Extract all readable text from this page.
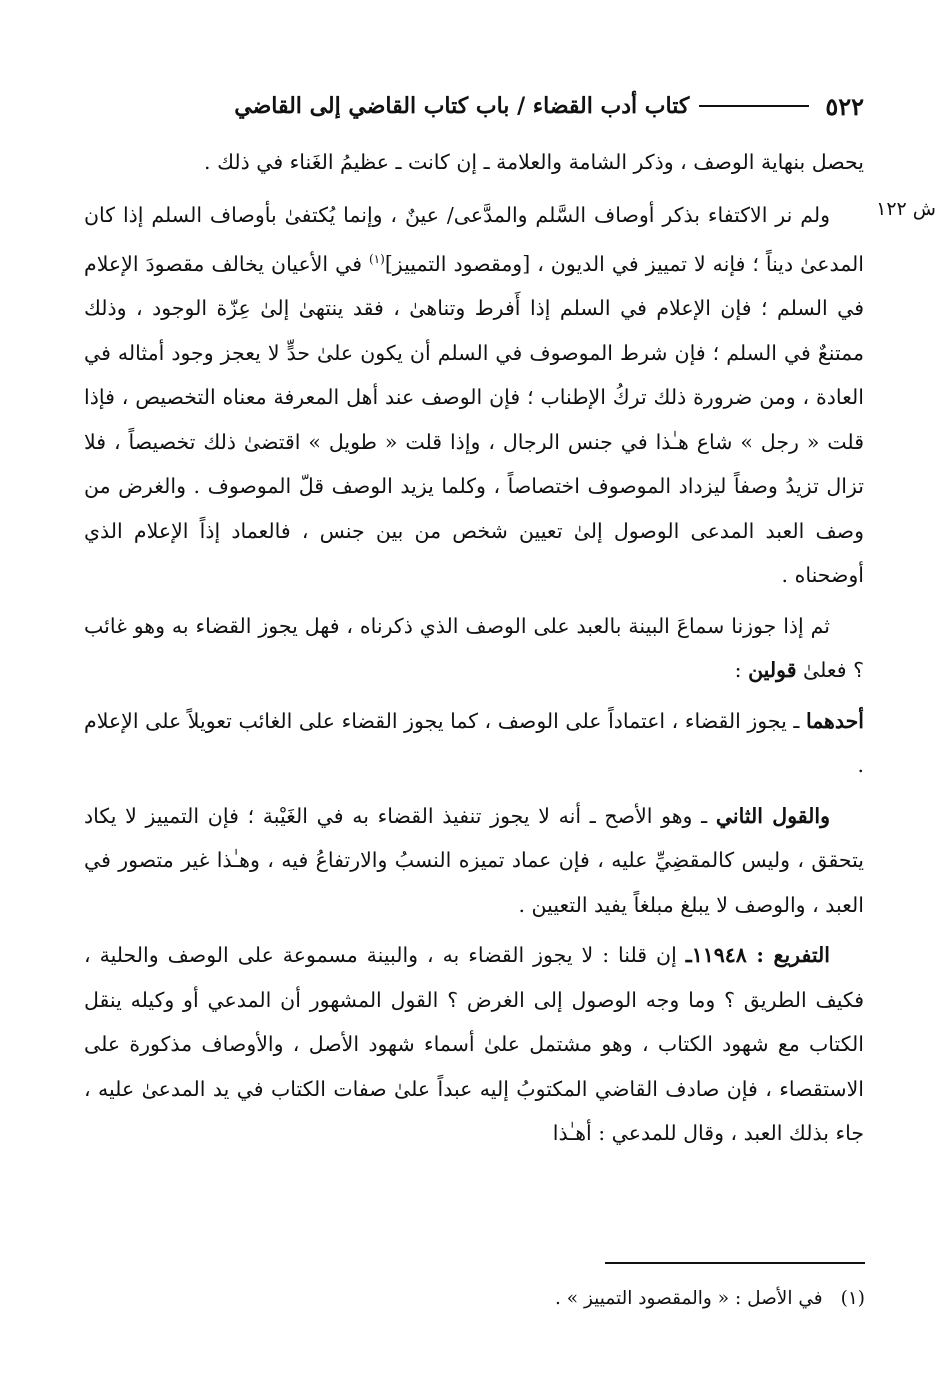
٥٢٢
كتاب أدب القضاء / باب كتاب القاضي إلى القاضي
ش ١٢٢

يحصل بنهاية الوصف ، وذكر الشامة والعلامة ـ إن كانت ـ عظيمُ الغَناء في ذلك .

ولم نر الاكتفاء بذكر أوصاف السَّلم والمدَّعى/ عينٌ ، وإنما يُكتفىٰ بأوصاف السلم إذا كان المدعىٰ ديناً ؛ فإنه لا تمييز في الديون ، [ومقصود التمييز]$^{(١)}$ في الأعيان يخالف مقصودَ الإعلام في السلم ؛ فإن الإعلام في السلم إذا أَفرط وتناهىٰ ، فقد ينتهىٰ إلىٰ عِزّة الوجود ، وذلك ممتنعٌ في السلم ؛ فإن شرط الموصوف في السلم أن يكون علىٰ حدٍّ لا يعجز وجود أمثاله في العادة ، ومن ضرورة ذلك تركُ الإطناب ؛ فإن الوصف عند أهل المعرفة معناه التخصيص ، فإذا قلت « رجل » شاع هـٰذا في جنس الرجال ، وإذا قلت « طويل » اقتضىٰ ذلك تخصيصاً ، فلا تزال تزيدُ وصفاً ليزداد الموصوف اختصاصاً ، وكلما يزيد الوصف قلّ الموصوف . والغرض من وصف العبد المدعى الوصول إلىٰ تعيين شخص من بين جنس ، فالعماد إذاً الإعلام الذي أوضحناه .

ثم إذا جوزنا سماعَ البينة بالعبد على الوصف الذي ذكرناه ، فهل يجوز القضاء به وهو غائب ؟ فعلىٰ قولين :

أحدهما ـ يجوز القضاء ، اعتماداً على الوصف ، كما يجوز القضاء على الغائب تعويلاً على الإعلام .

والقول الثاني ـ وهو الأصح ـ أنه لا يجوز تنفيذ القضاء به في الغَيْبة ؛ فإن التمييز لا يكاد يتحقق ، وليس كالمقضِيِّ عليه ، فإن عماد تميزه النسبُ والارتفاعُ فيه ، وهـٰذا غير متصور في العبد ، والوصف لا يبلغ مبلغاً يفيد التعيين .

التفريع : ١١٩٤٨ـ إن قلنا : لا يجوز القضاء به ، والبينة مسموعة على الوصف والحلية ، فكيف الطريق ؟ وما وجه الوصول إلى الغرض ؟ القول المشهور أن المدعي أو وكيله ينقل الكتاب مع شهود الكتاب ، وهو مشتمل علىٰ أسماء شهود الأصل ، والأوصاف مذكورة على الاستقصاء ، فإن صادف القاضي المكتوبُ إليه عبداً علىٰ صفات الكتاب في يد المدعىٰ عليه ، جاء بذلك العبد ، وقال للمدعي : أهـٰذا

(١)في الأصل : « والمقصود التمييز » .
